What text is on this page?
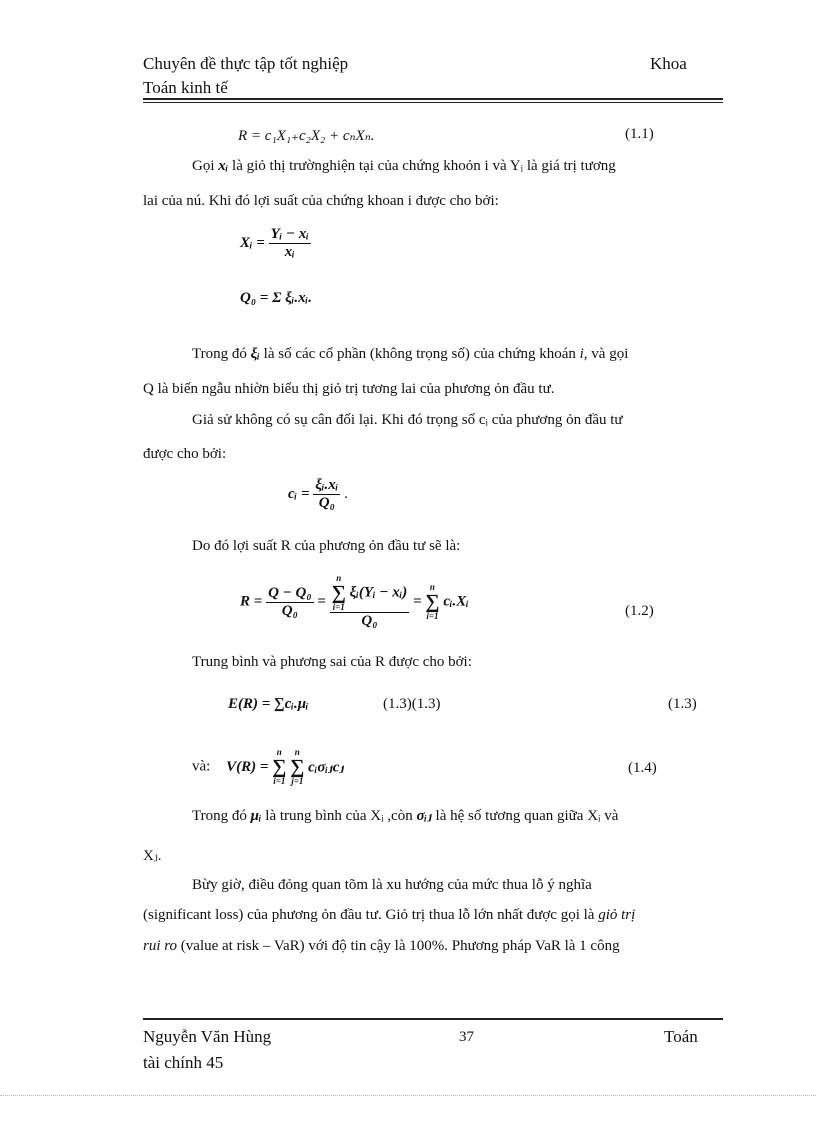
Chuyên đề thực tập tốt nghiệp
Toán kinh tế
Khoa
R = c₁X₁₊c₂X₂ + cₙXₙ.	(1.1)
Gọi xᵢ là giỏ thị trườnghiện tại của chứng khoỏn i và Yᵢ là giá trị tương
lai của nú. Khi đó lợi suất của chứng khoan i được cho bởi:
Xᵢ = $\frac{\text{Yᵢ − xᵢ}}{\text{xᵢ}}$
Q₀ = Σ ξᵢ.xᵢ.
Trong đó ξᵢ là số các cổ phần (không trọng số) của chứng khoán i, và gọi
Q là biến ngẫu nhiờn biểu thị giỏ trị tương lai của phương ỏn đầu tư.
Giả sử không có sụ cân đối lại. Khi đó trọng số cᵢ của phương ỏn đầu tư
được cho bởi:
cᵢ = $\frac{\text{ξᵢ.xᵢ}}{\text{Q₀}}$ .
Do đó lợi suất R của phương ỏn đầu tư sẽ là:
$R = \frac{\text{Q − Q₀}}{\text{Q₀}} = n$
∑
i=1
ξᵢ(Yᵢ − xᵢ)
Q₀ =
n
∑
i=1
cᵢ.Xᵢ
(1.2)
Trung bình và phương sai của R được cho bởi:
E(R) = ∑cᵢ.μᵢ	(1.3)(1.3)	(1.3)
và: V(R) =
n
∑
i=1

n
∑
j=1
cᵢσᵢⱼcⱼ	(1.4)
Trong đó μᵢ là trung bình của Xᵢ ,còn σᵢⱼ là hệ số tương quan giữa Xᵢ và
Xⱼ.
Bừy giờ, điều đỏng quan tõm là xu hướng của mức thua lỗ ý nghĩa
(significant loss) của phương ỏn đầu tư. Giỏ trị thua lỗ lớn nhất được gọi là giỏ trị
rui ro (value at risk – VaR) với độ tin cậy là 100%. Phương pháp VaR là 1 công
Nguyễn Văn Hùng
tài chính 45
37	Toán
